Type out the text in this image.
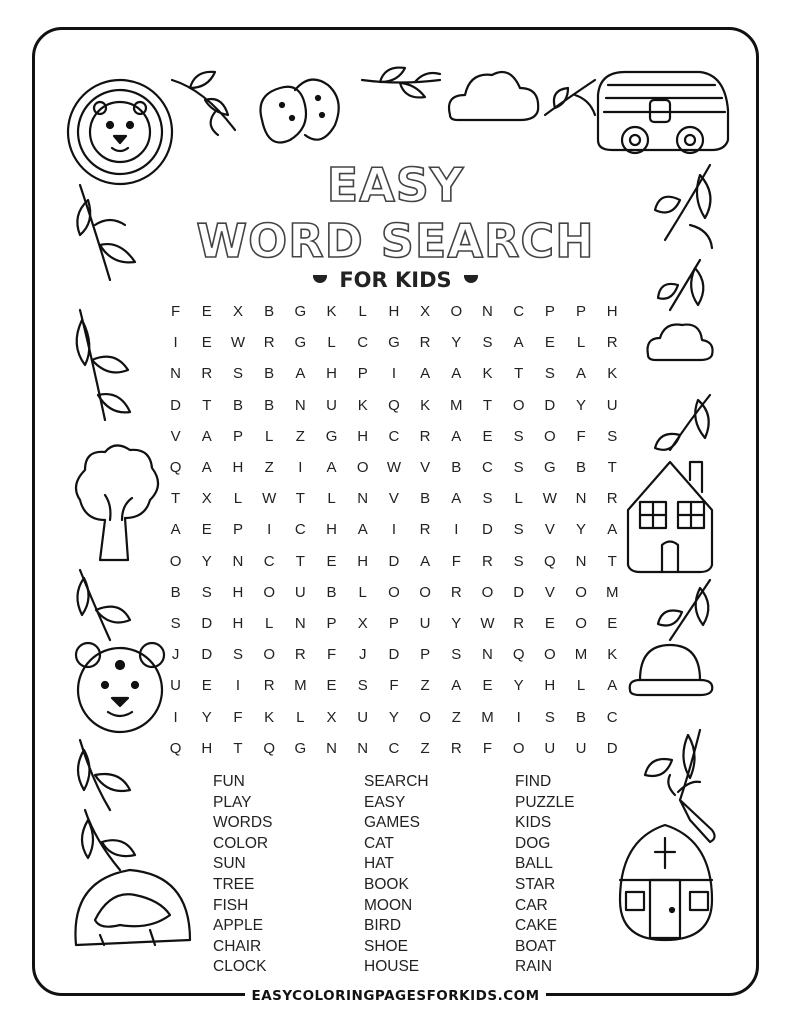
EASY
WORD SEARCH
FOR KIDS
F	E	X	B	G	K	L	H	X	O	N	C	P	P	H
I	E	W	R	G	L	C	G	R	Y	S	A	E	L	R
N	R	S	B	A	H	P	I	A	A	K	T	S	A	K
D	T	B	B	N	U	K	Q	K	M	T	O	D	Y	U
V	A	P	L	Z	G	H	C	R	A	E	S	O	F	S
Q	A	H	Z	I	A	O	W	V	B	C	S	G	B	T
T	X	L	W	T	L	N	V	B	A	S	L	W	N	R
A	E	P	I	C	H	A	I	R	I	D	S	V	Y	A
O	Y	N	C	T	E	H	D	A	F	R	S	Q	N	T
B	S	H	O	U	B	L	O	O	R	O	D	V	O	M
S	D	H	L	N	P	X	P	U	Y	W	R	E	O	E
J	D	S	O	R	F	J	D	P	S	N	Q	O	M	K
U	E	I	R	M	E	S	F	Z	A	E	Y	H	L	A
I	Y	F	K	L	X	U	Y	O	Z	M	I	S	B	C
Q	H	T	Q	G	N	N	C	Z	R	F	O	U	U	D
FUN
PLAY
WORDS
COLOR
SUN
TREE
FISH
APPLE
CHAIR
CLOCK
SEARCH
EASY
GAMES
CAT
HAT
BOOK
MOON
BIRD
SHOE
HOUSE
FIND
PUZZLE
KIDS
DOG
BALL
STAR
CAR
CAKE
BOAT
RAIN
EASYCOLORINGPAGESFORKIDS.COM
